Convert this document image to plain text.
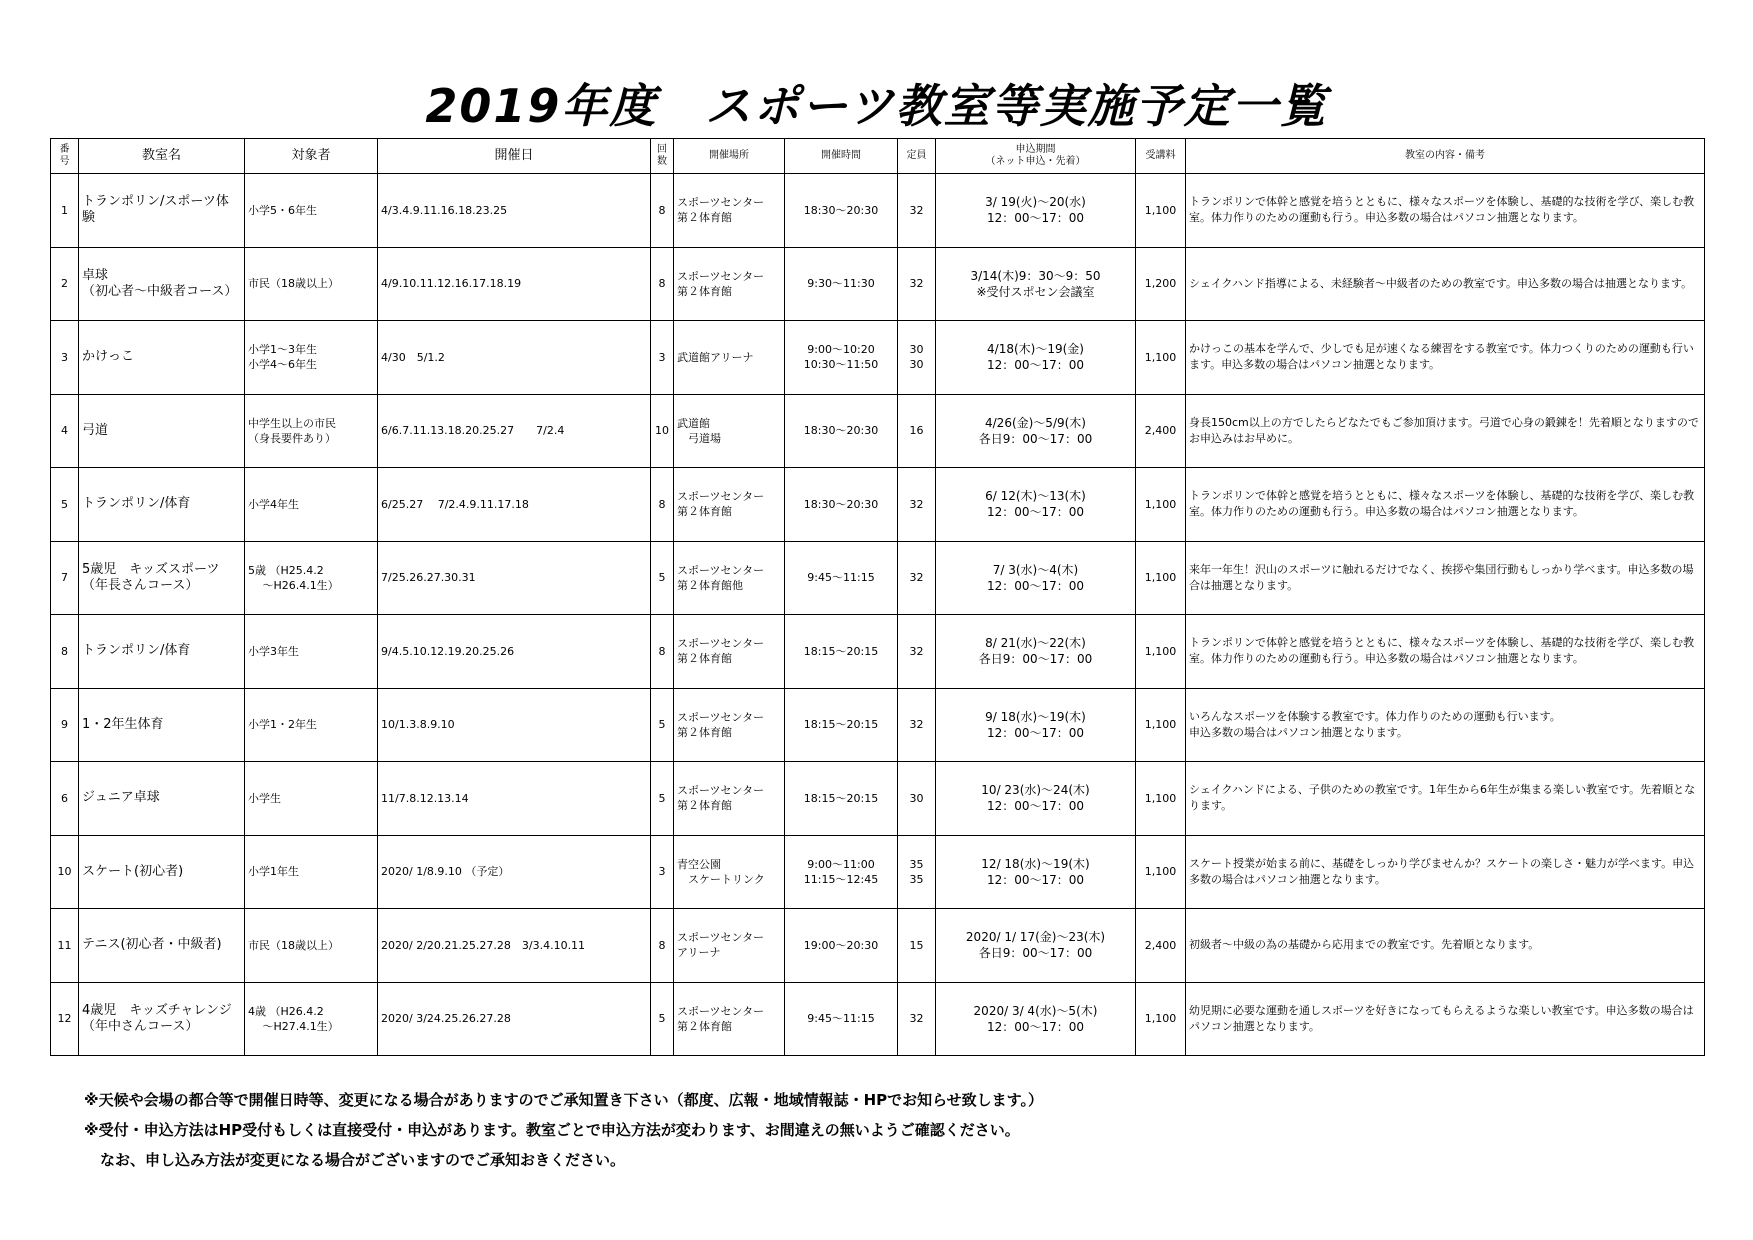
2019年度　スポーツ教室等実施予定一覧
番
号	教室名	対象者	開催日	回
数	開催場所	開催時間	定員	申込期間
（ネット申込・先着）	受講料	教室の内容・備考
1	トランポリン/スポーツ体験	小学5・6年生	4/3.4.9.11.16.18.23.25	8	スポーツセンター
第２体育館	18:30～20:30	32	3/ 19(火)～20(水)
12：00～17：00	1,100	トランポリンで体幹と感覚を培うとともに、様々なスポーツを体験し、基礎的な技術を学び、楽しむ教室。体力作りのための運動も行う。申込多数の場合はパソコン抽選となります。
2	卓球
（初心者～中級者コース）	市民（18歳以上）	4/9.10.11.12.16.17.18.19	8	スポーツセンター
第２体育館	9:30～11:30	32	3/14(木)9：30～9：50
※受付スポセン会議室	1,200	シェイクハンド指導による、未経験者～中級者のための教室です。申込多数の場合は抽選となります。
3	かけっこ	小学1～3年生
小学4～6年生	4/30　5/1.2	3	武道館アリーナ	9:00～10:20
10:30～11:50	30
30	4/18(木)～19(金)
12：00～17：00	1,100	かけっこの基本を学んで、少しでも足が速くなる練習をする教室です。体力つくりのための運動も行います。申込多数の場合はパソコン抽選となります。
4	弓道	中学生以上の市民
（身長要件あり）	6/6.7.11.13.18.20.25.27　　7/2.4	10	武道館
　弓道場	18:30～20:30	16	4/26(金)～5/9(木)
各日9：00～17：00	2,400	身長150cm以上の方でしたらどなたでもご参加頂けます。弓道で心身の鍛錬を！先着順となりますのでお申込みはお早めに。
5	トランポリン/体育	小学4年生	6/25.27　 7/2.4.9.11.17.18	8	スポーツセンター
第２体育館	18:30～20:30	32	6/ 12(木)～13(木)
12：00～17：00	1,100	トランポリンで体幹と感覚を培うとともに、様々なスポーツを体験し、基礎的な技術を学び、楽しむ教室。体力作りのための運動も行う。申込多数の場合はパソコン抽選となります。
7	5歳児　キッズスポーツ
（年長さんコース）	5歳 （H25.4.2
　 ～H26.4.1生）	7/25.26.27.30.31	5	スポーツセンター
第２体育館他	9:45～11:15	32	7/ 3(水)～4(木)
12：00～17：00	1,100	来年一年生！沢山のスポーツに触れるだけでなく、挨拶や集団行動もしっかり学べます。申込多数の場合は抽選となります。
8	トランポリン/体育	小学3年生	9/4.5.10.12.19.20.25.26	8	スポーツセンター
第２体育館	18:15～20:15	32	8/ 21(水)～22(木)
各日9：00～17：00	1,100	トランポリンで体幹と感覚を培うとともに、様々なスポーツを体験し、基礎的な技術を学び、楽しむ教室。体力作りのための運動も行う。申込多数の場合はパソコン抽選となります。
9	1・2年生体育	小学1・2年生	10/1.3.8.9.10	5	スポーツセンター
第２体育館	18:15～20:15	32	9/ 18(水)～19(木)
12：00～17：00	1,100	いろんなスポーツを体験する教室です。体力作りのための運動も行います。
申込多数の場合はパソコン抽選となります。
6	ジュニア卓球	小学生	11/7.8.12.13.14	5	スポーツセンター
第２体育館	18:15～20:15	30	10/ 23(水)～24(木)
12：00～17：00	1,100	シェイクハンドによる、子供のための教室です。1年生から6年生が集まる楽しい教室です。先着順となります。
10	スケート(初心者)	小学1年生	2020/ 1/8.9.10 （予定）	3	青空公園
　スケートリンク	9:00～11:00
11:15～12:45	35
35	12/ 18(水)～19(木)
12：00～17：00	1,100	スケート授業が始まる前に、基礎をしっかり学びませんか？スケートの楽しさ・魅力が学べます。申込多数の場合はパソコン抽選となります。
11	テニス(初心者・中級者)	市民（18歳以上）	2020/ 2/20.21.25.27.28　3/3.4.10.11	8	スポーツセンター
アリーナ	19:00～20:30	15	2020/ 1/ 17(金)～23(木)
各日9：00～17：00	2,400	初級者～中級の為の基礎から応用までの教室です。先着順となります。
12	4歳児　キッズチャレンジ
（年中さんコース）	4歳 （H26.4.2
　 ～H27.4.1生）	2020/ 3/24.25.26.27.28	5	スポーツセンター
第２体育館	9:45～11:15	32	2020/ 3/ 4(水)～5(木)
12：00～17：00	1,100	幼児期に必要な運動を通しスポーツを好きになってもらえるような楽しい教室です。申込多数の場合はパソコン抽選となります。
※天候や会場の都合等で開催日時等、変更になる場合がありますのでご承知置き下さい（都度、広報・地域情報誌・HPでお知らせ致します。）
※受付・申込方法はHP受付もしくは直接受付・申込があります。教室ごとで申込方法が変わります、お間違えの無いようご確認ください。
なお、申し込み方法が変更になる場合がございますのでご承知おきください。
